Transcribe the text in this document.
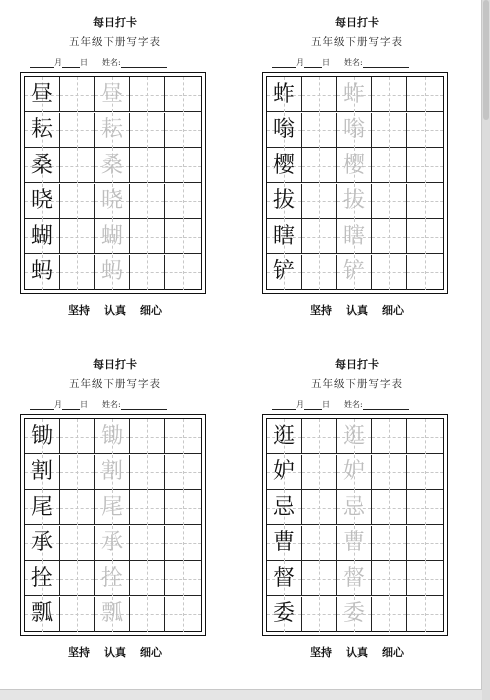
每日打卡
五年级下册写字表
月 日 姓名:
昼 昼
耘 耘
桑 桑
晓 晓
蝴 蝴
蚂 蚂
坚持 认真 细心
每日打卡
五年级下册写字表
月 日 姓名:
蚱 蚱
嗡 嗡
樱 樱
拔 拔
瞎 瞎
铲 铲
坚持 认真 细心
每日打卡
五年级下册写字表
月 日 姓名:
锄 锄
割 割
尾 尾
承 承
拴 拴
瓢 瓢
坚持 认真 细心
每日打卡
五年级下册写字表
月 日 姓名:
逛 逛
妒 妒
忌 忌
曹 曹
督 督
委 委
坚持 认真 细心
